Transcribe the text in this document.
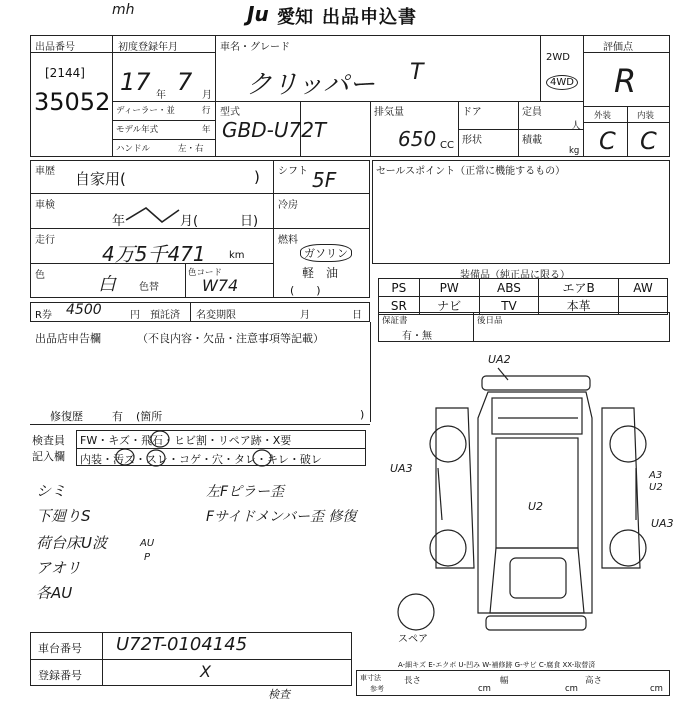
mh	Ju 愛知 出品申込書
出品番号
[2144]
35052
初度登録年月
17 年 7 月
ディーラー・並	行
モデル年式	年
ハンドル	左・右
車名・グレード
クリッパー T
2WD
4WD
評価点
R
外装	内装
C C
型式
GBD-U72T
排気量
650 CC
ドア
形状
定員
人
積載
kg
車歴 自家用(	) シフト 5F
車検
年	月(	日)
冷房
走行
4万5千471 km
燃料
ガソリン
軽　油
(　　)
色	白 色替
色コード
W74
セールスポイント（正常に機能するもの）
装備品（純正品に限る）
PS	PW	ABS	エアB	AW
SR	ナビ	TV	本革	
R券 4500	円 預託済 名変期限	月	日 保証書
有・無
後日品
出品店申告欄	（不良内容・欠品・注意事項等記載）
修復歴	有 (箇所	)
検査員
記入欄
FW・キズ・飛石・ヒビ割・リペア跡・X要
内装・汚ズ・スレ・コゲ・穴・タレ・キレ・破レ
シミ
下廻りS
荷台床U波
アオリ
各AU
AU
P
左Fピラー歪
Fサイドメンバー歪 修復
UA2
UA3
A3
U2
UA3
U2
スペア
A-細キズ E-エクボ U-凹み W-補修跡 G-サビ C-腐食 XX-取替済
車台番号 U72T-0104145
登録番号	X	車寸法
参考
長さ
cm
幅
cm
高さ
cm
検査
